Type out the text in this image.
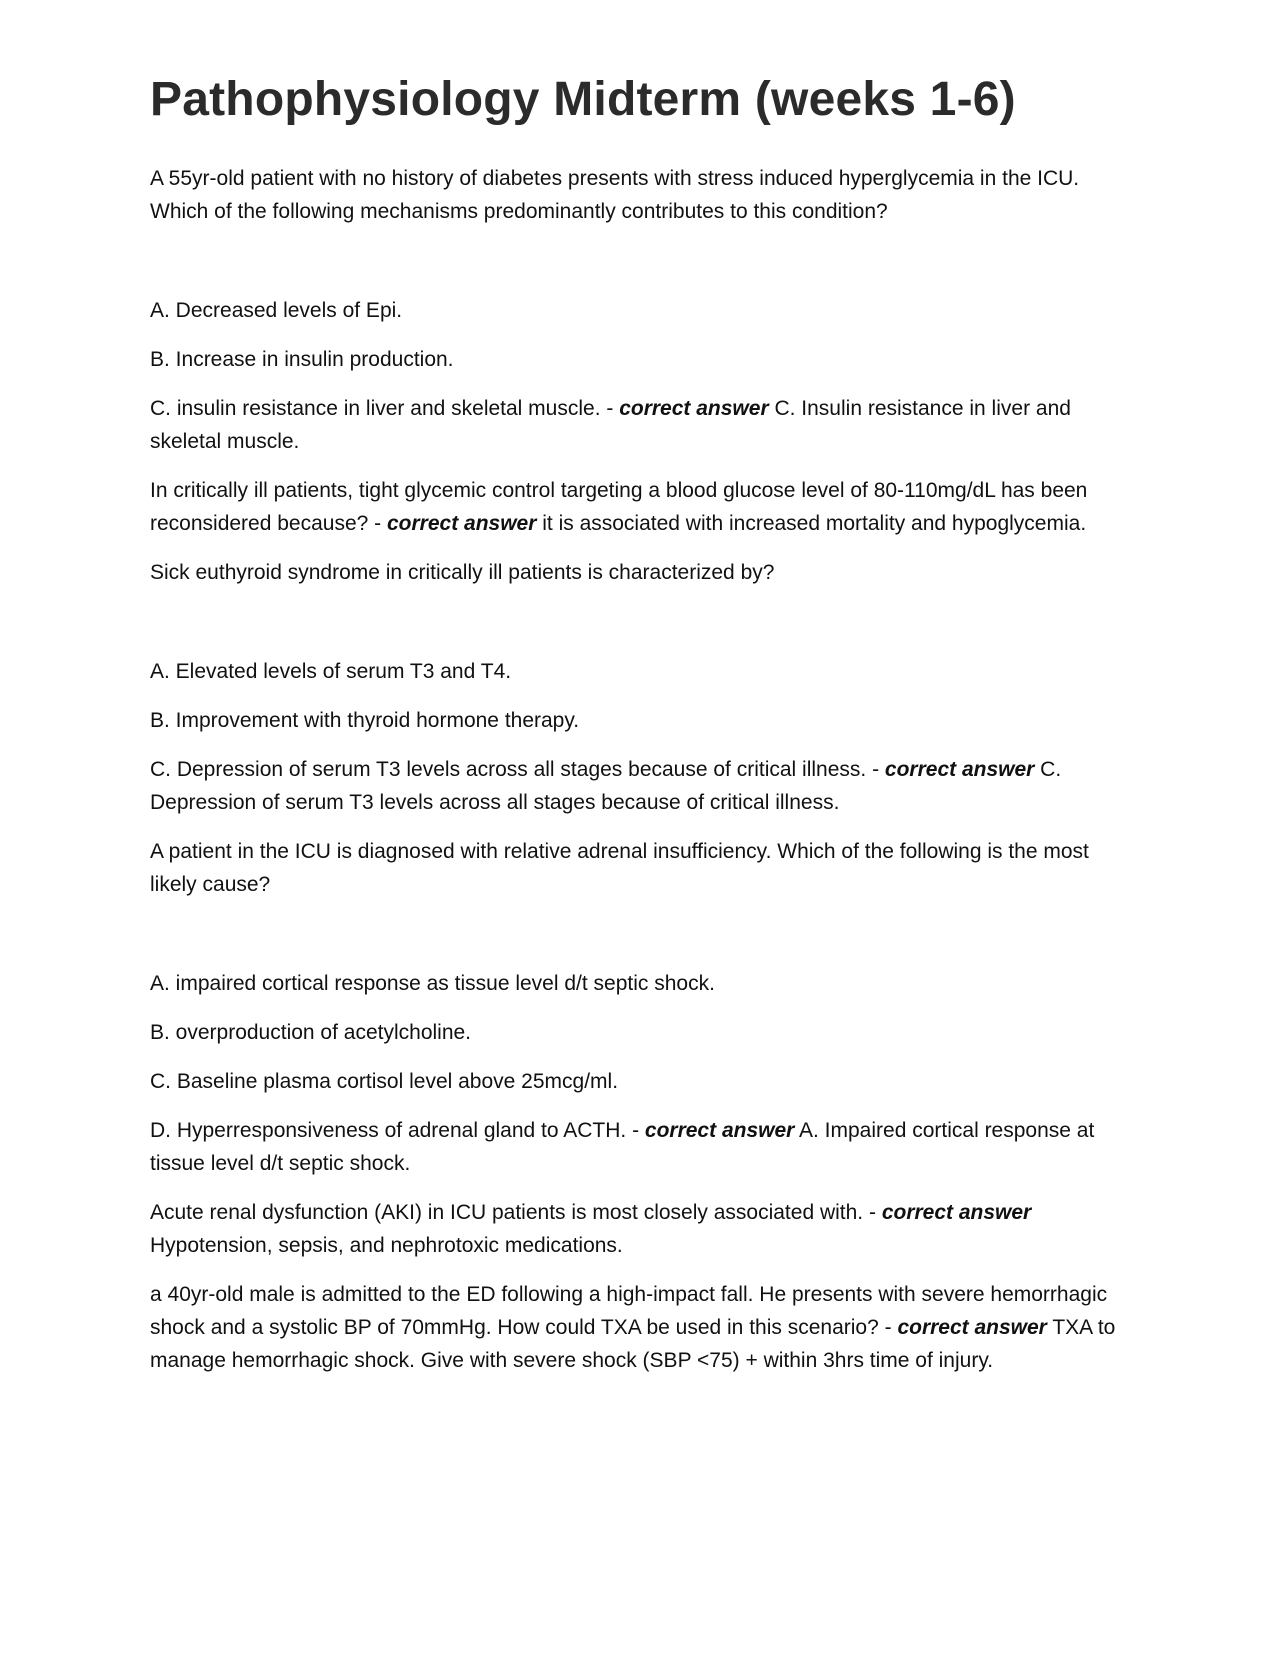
Pathophysiology Midterm (weeks 1-6)

A 55yr-old patient with no history of diabetes presents with stress induced hyperglycemia in the ICU. Which of the following mechanisms predominantly contributes to this condition?

A. Decreased levels of Epi.

B. Increase in insulin production.

C. insulin resistance in liver and skeletal muscle. - correct answer C. Insulin resistance in liver and skeletal muscle.

In critically ill patients, tight glycemic control targeting a blood glucose level of 80-110mg/dL has been reconsidered because? - correct answer it is associated with increased mortality and hypoglycemia.

Sick euthyroid syndrome in critically ill patients is characterized by?

A. Elevated levels of serum T3 and T4.

B. Improvement with thyroid hormone therapy.

C. Depression of serum T3 levels across all stages because of critical illness. - correct answer C. Depression of serum T3 levels across all stages because of critical illness.

A patient in the ICU is diagnosed with relative adrenal insufficiency. Which of the following is the most likely cause?

A. impaired cortical response as tissue level d/t septic shock.

B. overproduction of acetylcholine.

C. Baseline plasma cortisol level above 25mcg/ml.

D. Hyperresponsiveness of adrenal gland to ACTH. - correct answer A. Impaired cortical response at tissue level d/t septic shock.

Acute renal dysfunction (AKI) in ICU patients is most closely associated with. - correct answer Hypotension, sepsis, and nephrotoxic medications.

a 40yr-old male is admitted to the ED following a high-impact fall. He presents with severe hemorrhagic shock and a systolic BP of 70mmHg. How could TXA be used in this scenario? - correct answer TXA to manage hemorrhagic shock. Give with severe shock (SBP <75) + within 3hrs time of injury.
